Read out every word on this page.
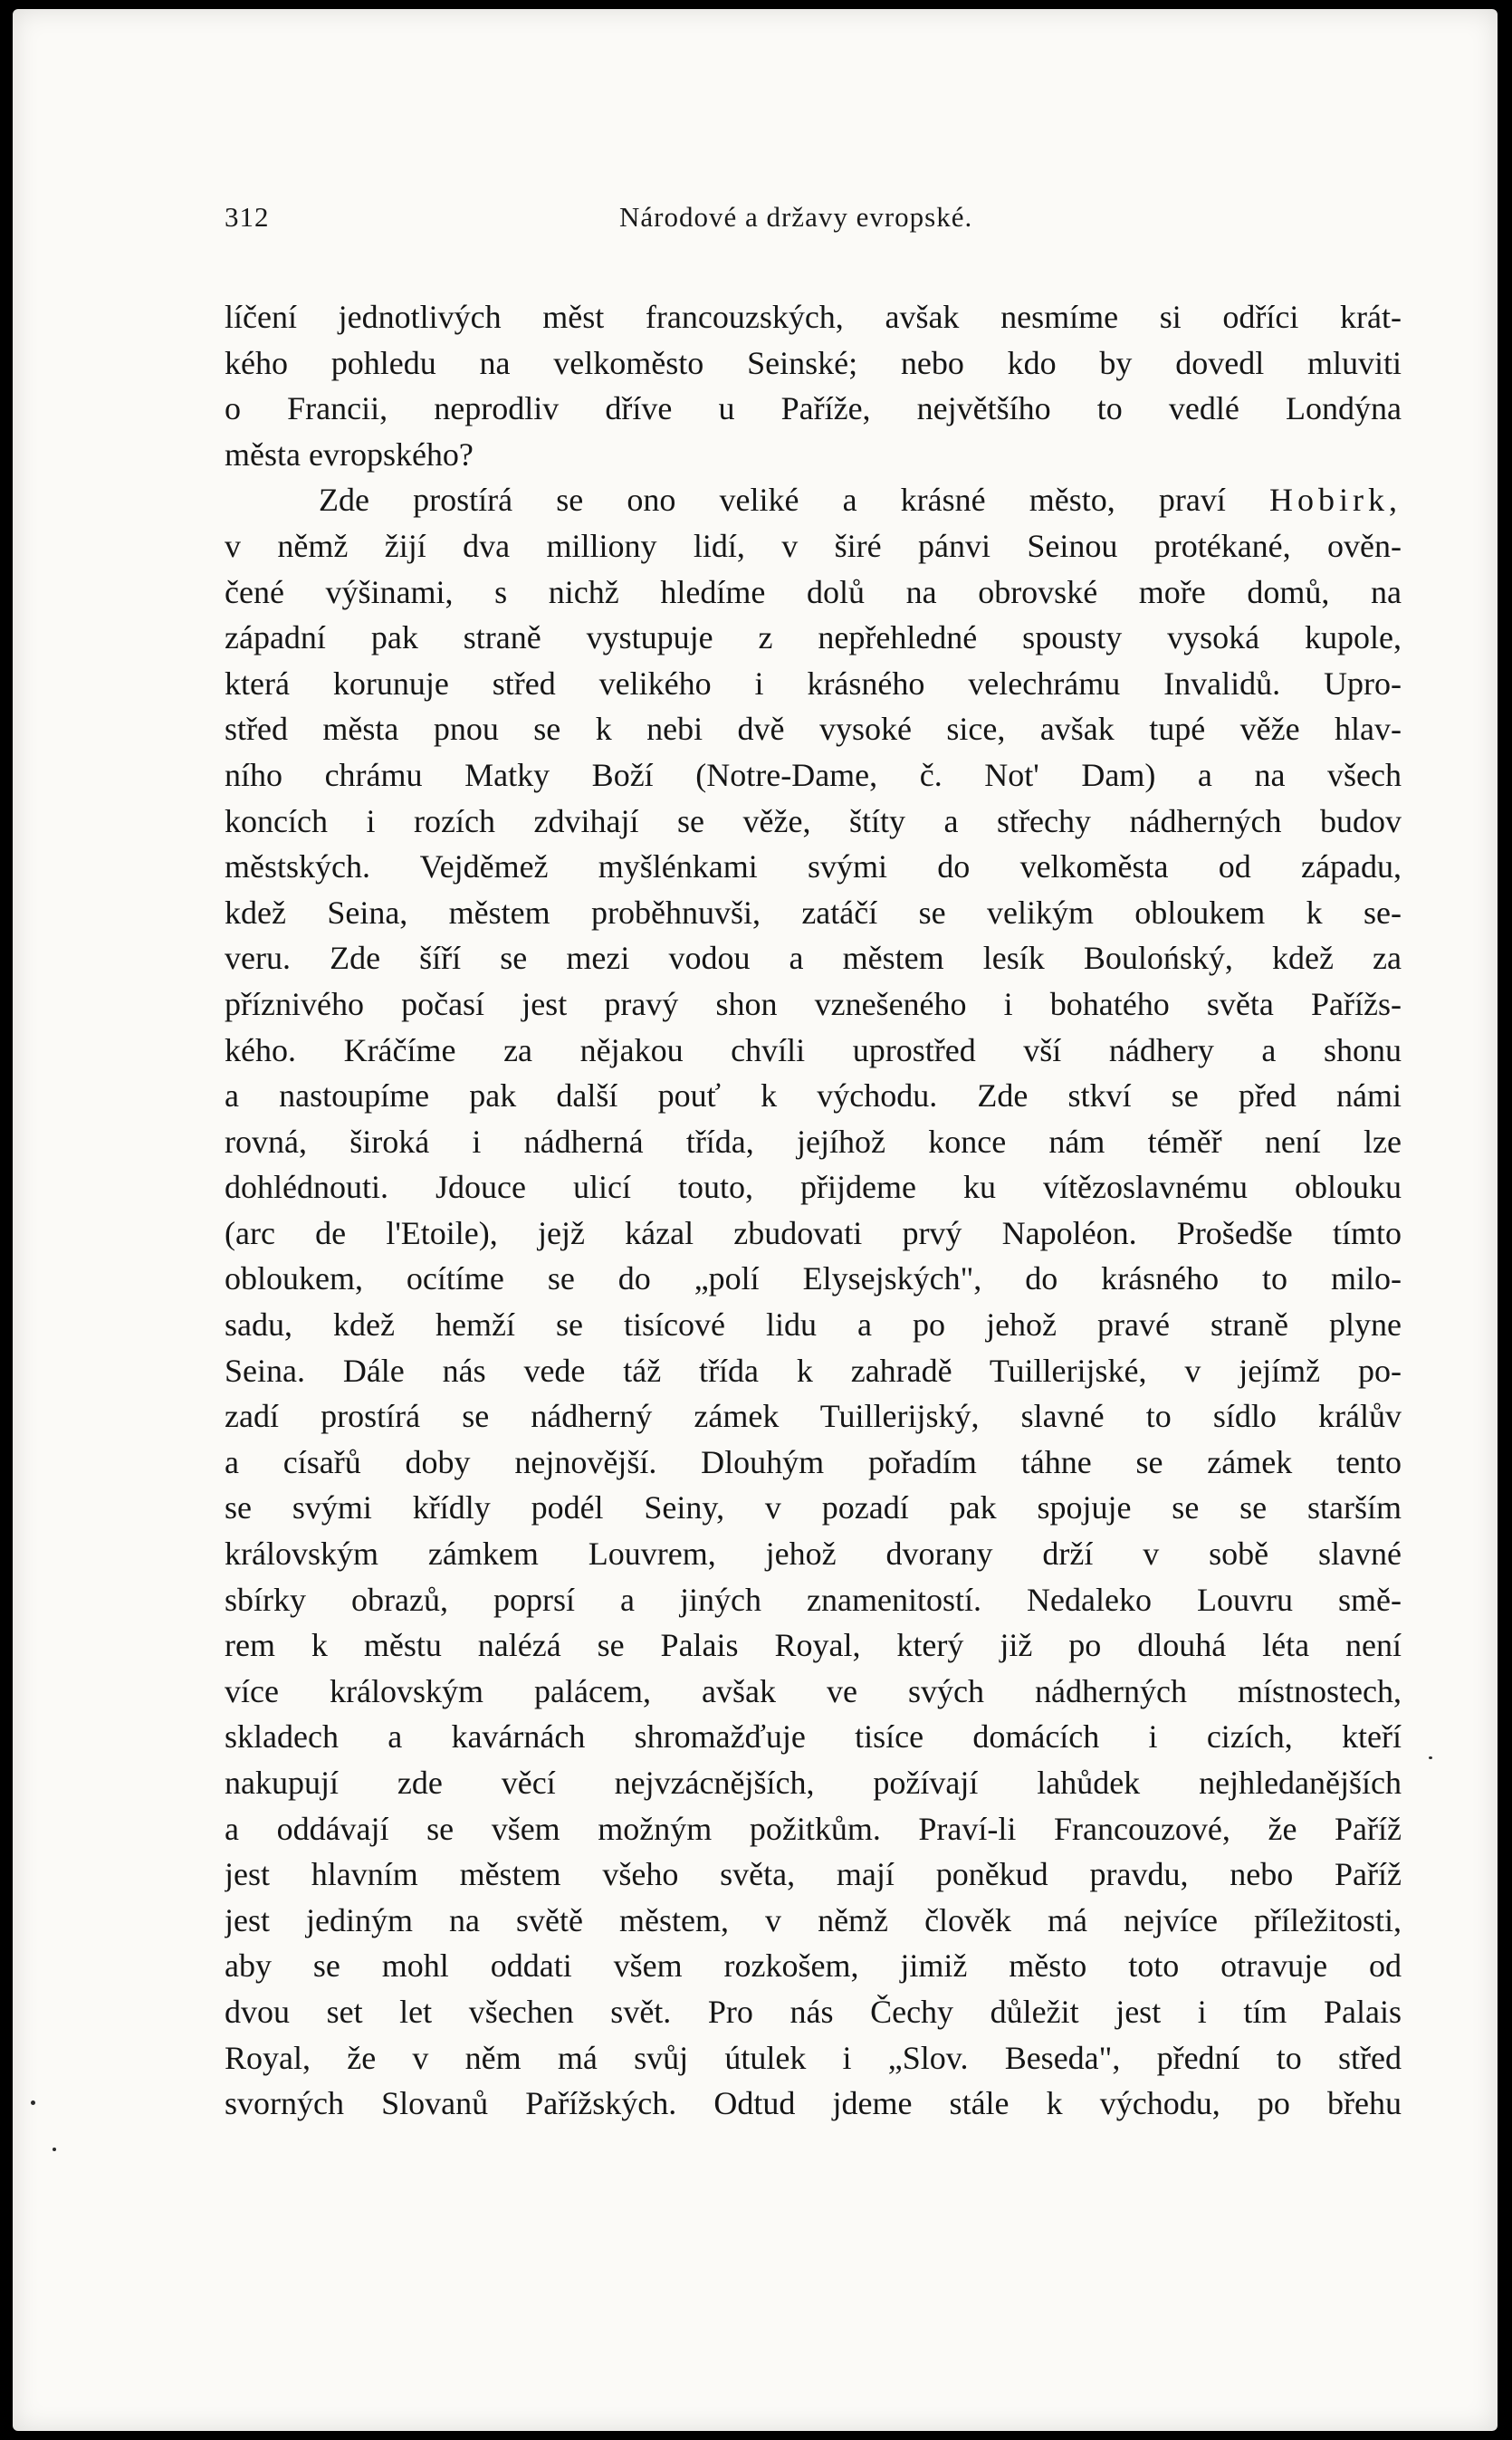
312	Národové a državy evropské.
líčení jednotlivých měst francouzských, avšak nesmíme si odříci krát-
kého pohledu na velkoměsto Seinské; nebo kdo by dovedl mluviti
o Francii, neprodliv dříve u Paříže, největšího to vedlé Londýna
města evropského?
Zde prostírá se ono veliké a krásné město, praví Hobirk,
v němž žijí dva milliony lidí, v širé pánvi Seinou protékané, ověn-
čené výšinami, s nichž hledíme dolů na obrovské moře domů, na
západní pak straně vystupuje z nepřehledné spousty vysoká kupole,
která korunuje střed velikého i krásného velechrámu Invalidů. Upro-
střed města pnou se k nebi dvě vysoké sice, avšak tupé věže hlav-
ního chrámu Matky Boží (Notre-Dame, č. Not' Dam) a na všech
koncích i rozích zdvihají se věže, štíty a střechy nádherných budov
městských. Vejděmež myšlénkami svými do velkoměsta od západu,
kdež Seina, městem proběhnuvši, zatáčí se velikým obloukem k se-
veru. Zde šíří se mezi vodou a městem lesík Boulońský, kdež za
příznivého počasí jest pravý shon vznešeného i bohatého světa Pařížs-
kého. Kráčíme za nějakou chvíli uprostřed vší nádhery a shonu
a nastoupíme pak další pouť k východu. Zde stkví se před námi
rovná, široká i nádherná třída, jejíhož konce nám téměř není lze
dohlédnouti. Jdouce ulicí touto, přijdeme ku vítězoslavnému oblouku
(arc de l'Etoile), jejž kázal zbudovati prvý Napoléon. Prošedše tímto
obloukem, ocítíme se do „polí Elysejských", do krásného to milo-
sadu, kdež hemží se tisícové lidu a po jehož pravé straně plyne
Seina. Dále nás vede táž třída k zahradě Tuillerijské, v jejímž po-
zadí prostírá se nádherný zámek Tuillerijský, slavné to sídlo králův
a císařů doby nejnovější. Dlouhým pořadím táhne se zámek tento
se svými křídly podél Seiny, v pozadí pak spojuje se se starším
královským zámkem Louvrem, jehož dvorany drží v sobě slavné
sbírky obrazů, poprsí a jiných znamenitostí. Nedaleko Louvru smě-
rem k městu nalézá se Palais Royal, který již po dlouhá léta není
více královským palácem, avšak ve svých nádherných místnostech,
skladech a kavárnách shromažďuje tisíce domácích i cizích, kteří
nakupují zde věcí nejvzácnějších, požívají lahůdek nejhledanějších
a oddávají se všem možným požitkům. Praví-li Francouzové, že Paříž
jest hlavním městem všeho světa, mají poněkud pravdu, nebo Paříž
jest jediným na světě městem, v němž člověk má nejvíce příležitosti,
aby se mohl oddati všem rozkošem, jimiž město toto otravuje od
dvou set let všechen svět. Pro nás Čechy důležit jest i tím Palais
Royal, že v něm má svůj útulek i „Slov. Beseda", přední to střed
svorných Slovanů Pařížských. Odtud jdeme stále k východu, po břehu
